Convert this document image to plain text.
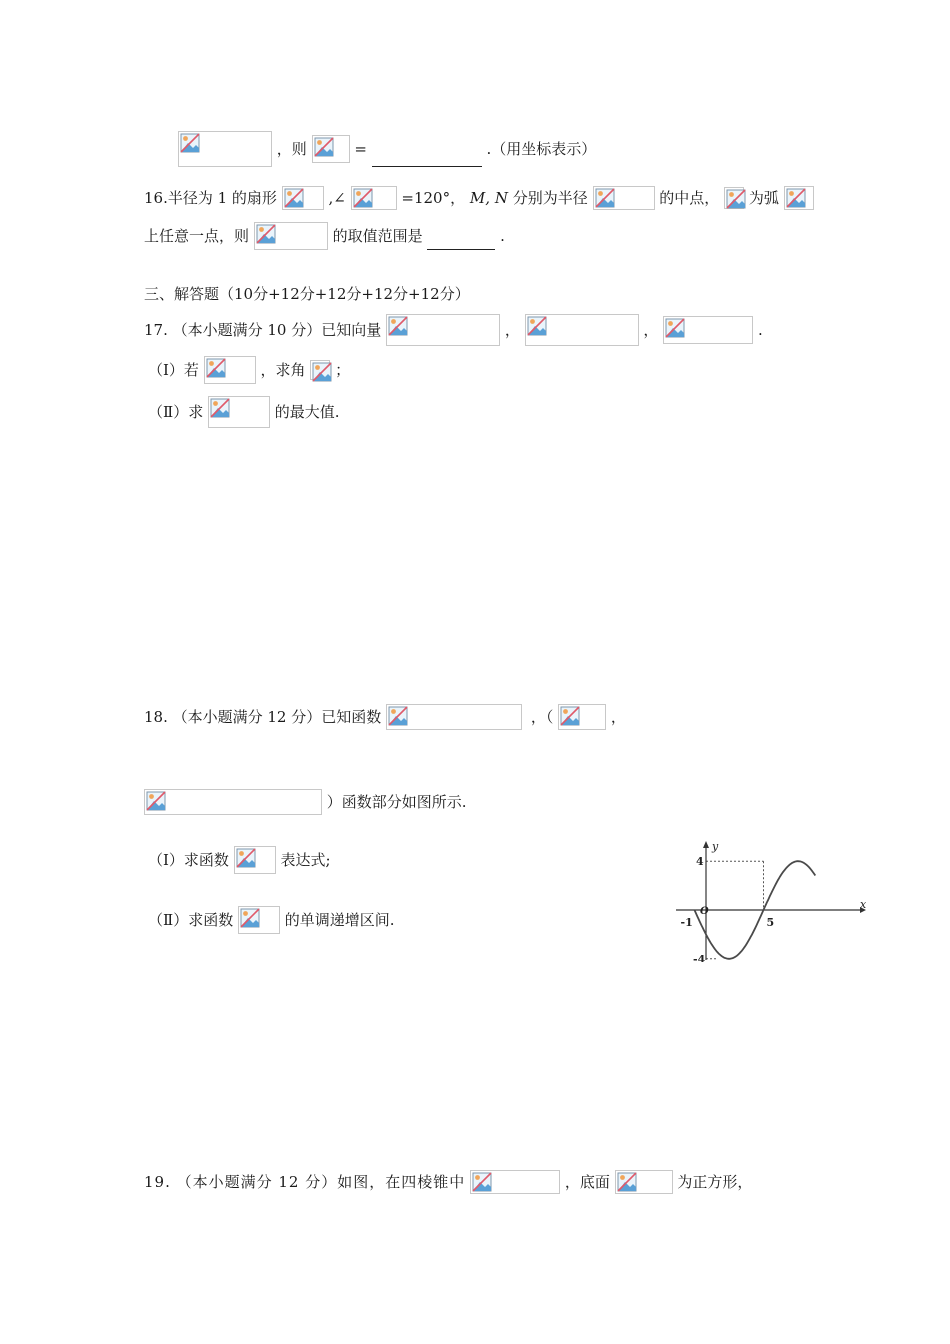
，则	=	.（用坐标表示）
16.半径为 1 的扇形	,∠	=120°， M, N 分别为半径	的中点， 为弧
上任意一点，则	的取值范围是	.
三、解答题（10分+12分+12分+12分+12分）
17. （本小题满分 10 分）已知向量	，	，	.
（Ⅰ）若	，求角 ；
（Ⅱ）求	的最大值.
18. （本小题满分 12 分）已知函数	，（	，
）函数部分如图所示.
（Ⅰ）求函数	表达式;
（Ⅱ）求函数	的单调递增区间.
y
x
O
4
-4
-1	5
19. （本小题满分 12 分）如图，在四棱锥中	，底面	为正方形，
